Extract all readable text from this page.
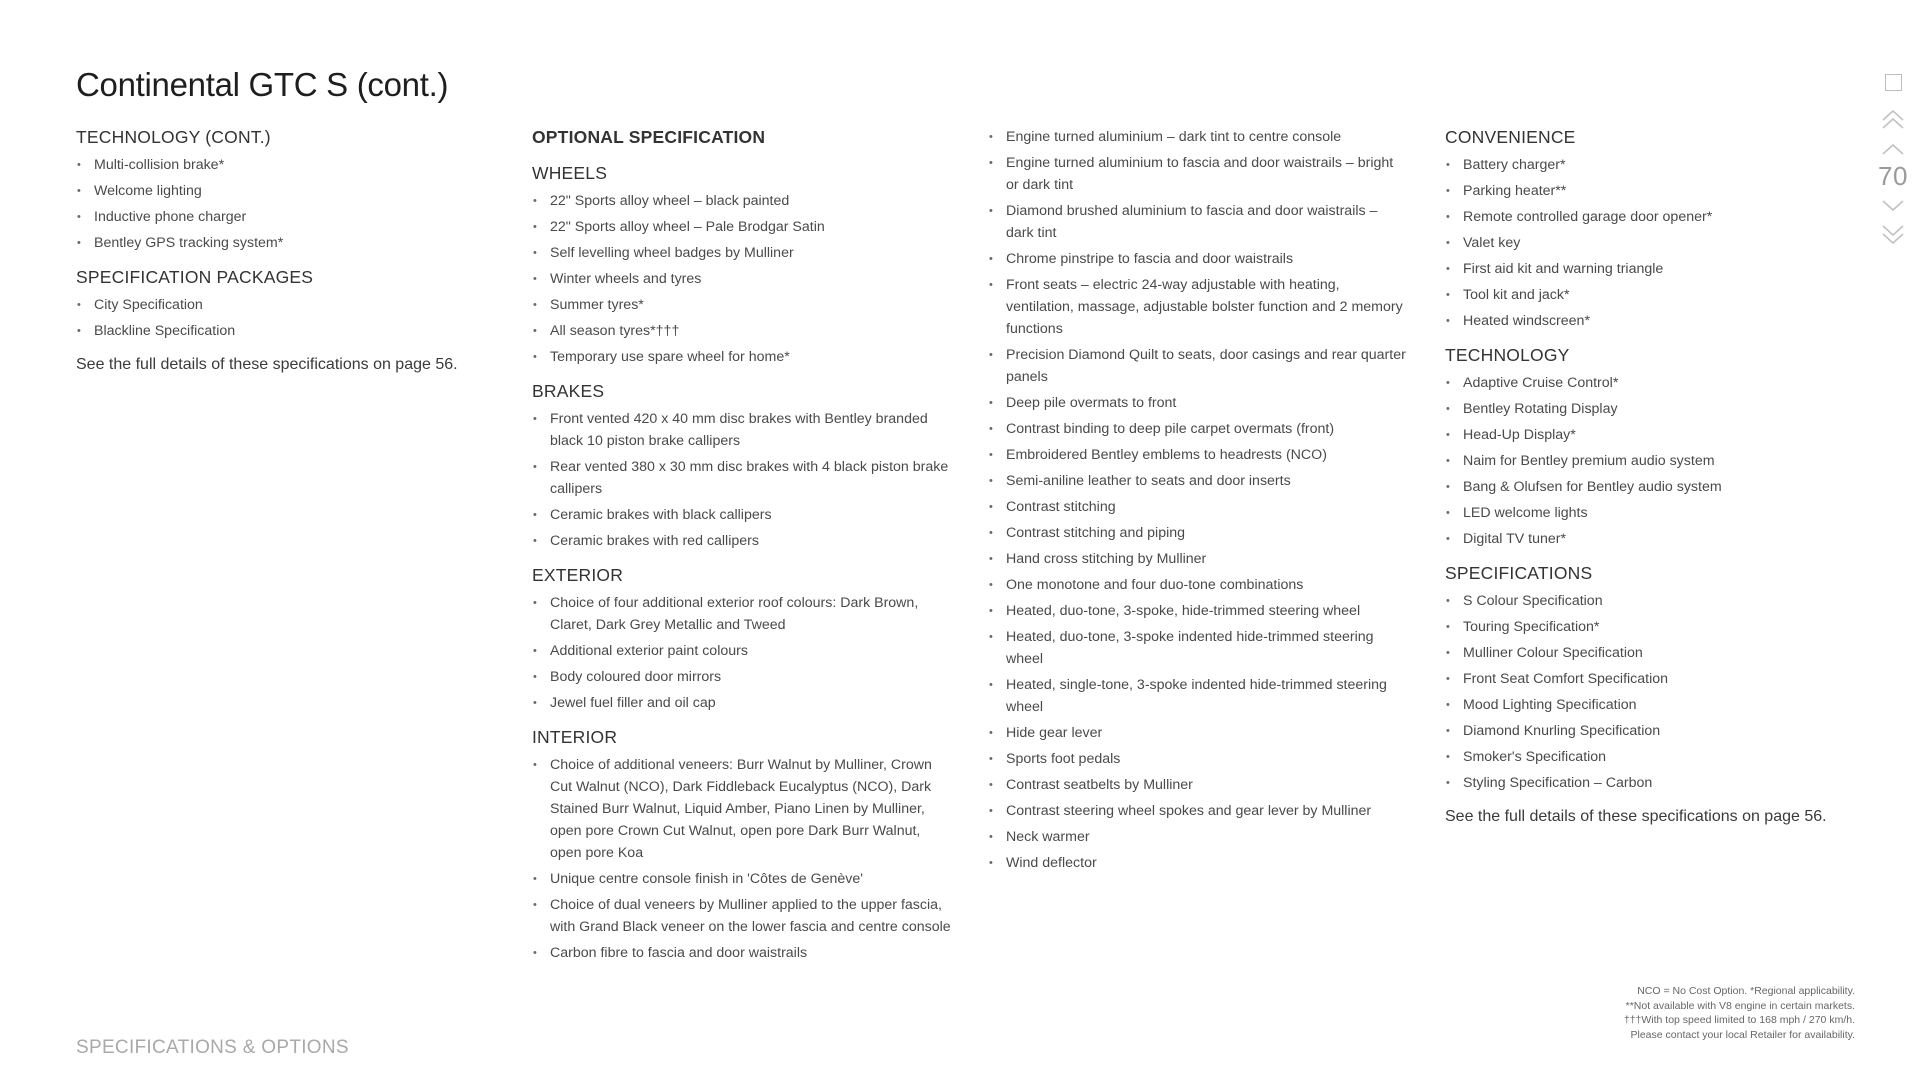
Continental GTC S (cont.)
TECHNOLOGY (CONT.)
• Multi-collision brake*
• Welcome lighting
• Inductive phone charger
• Bentley GPS tracking system*
SPECIFICATION PACKAGES
• City Specification
• Blackline Specification
See the full details of these specifications on page 56.
OPTIONAL SPECIFICATION
WHEELS
• 22" Sports alloy wheel – black painted
• 22" Sports alloy wheel – Pale Brodgar Satin
• Self levelling wheel badges by Mulliner
• Winter wheels and tyres
• Summer tyres*
• All season tyres*†††
• Temporary use spare wheel for home*
BRAKES
• Front vented 420 x 40 mm disc brakes with Bentley branded black 10 piston brake callipers
• Rear vented 380 x 30 mm disc brakes with 4 black piston brake callipers
• Ceramic brakes with black callipers
• Ceramic brakes with red callipers
EXTERIOR
• Choice of four additional exterior roof colours: Dark Brown, Claret, Dark Grey Metallic and Tweed
• Additional exterior paint colours
• Body coloured door mirrors
• Jewel fuel filler and oil cap
INTERIOR
• Choice of additional veneers: Burr Walnut by Mulliner, Crown Cut Walnut (NCO), Dark Fiddleback Eucalyptus (NCO), Dark Stained Burr Walnut, Liquid Amber, Piano Linen by Mulliner, open pore Crown Cut Walnut, open pore Dark Burr Walnut, open pore Koa
• Unique centre console finish in 'Côtes de Genève'
• Choice of dual veneers by Mulliner applied to the upper fascia, with Grand Black veneer on the lower fascia and centre console
• Carbon fibre to fascia and door waistrails
• Engine turned aluminium – dark tint to centre console
• Engine turned aluminium to fascia and door waistrails – bright or dark tint
• Diamond brushed aluminium to fascia and door waistrails – dark tint
• Chrome pinstripe to fascia and door waistrails
• Front seats – electric 24-way adjustable with heating, ventilation, massage, adjustable bolster function and 2 memory functions
• Precision Diamond Quilt to seats, door casings and rear quarter panels
• Deep pile overmats to front
• Contrast binding to deep pile carpet overmats (front)
• Embroidered Bentley emblems to headrests (NCO)
• Semi-aniline leather to seats and door inserts
• Contrast stitching
• Contrast stitching and piping
• Hand cross stitching by Mulliner
• One monotone and four duo-tone combinations
• Heated, duo-tone, 3-spoke, hide-trimmed steering wheel
• Heated, duo-tone, 3-spoke indented hide-trimmed steering wheel
• Heated, single-tone, 3-spoke indented hide-trimmed steering wheel
• Hide gear lever
• Sports foot pedals
• Contrast seatbelts by Mulliner
• Contrast steering wheel spokes and gear lever by Mulliner
• Neck warmer
• Wind deflector
CONVENIENCE
• Battery charger*
• Parking heater**
• Remote controlled garage door opener*
• Valet key
• First aid kit and warning triangle
• Tool kit and jack*
• Heated windscreen*
TECHNOLOGY
• Adaptive Cruise Control*
• Bentley Rotating Display
• Head-Up Display*
• Naim for Bentley premium audio system
• Bang & Olufsen for Bentley audio system
• LED welcome lights
• Digital TV tuner*
SPECIFICATIONS
• S Colour Specification
• Touring Specification*
• Mulliner Colour Specification
• Front Seat Comfort Specification
• Mood Lighting Specification
• Diamond Knurling Specification
• Smoker's Specification
• Styling Specification – Carbon
See the full details of these specifications on page 56.
NCO = No Cost Option. *Regional applicability.
**Not available with V8 engine in certain markets.
†††With top speed limited to 168 mph / 270 km/h.
Please contact your local Retailer for availability.
SPECIFICATIONS & OPTIONS
70
